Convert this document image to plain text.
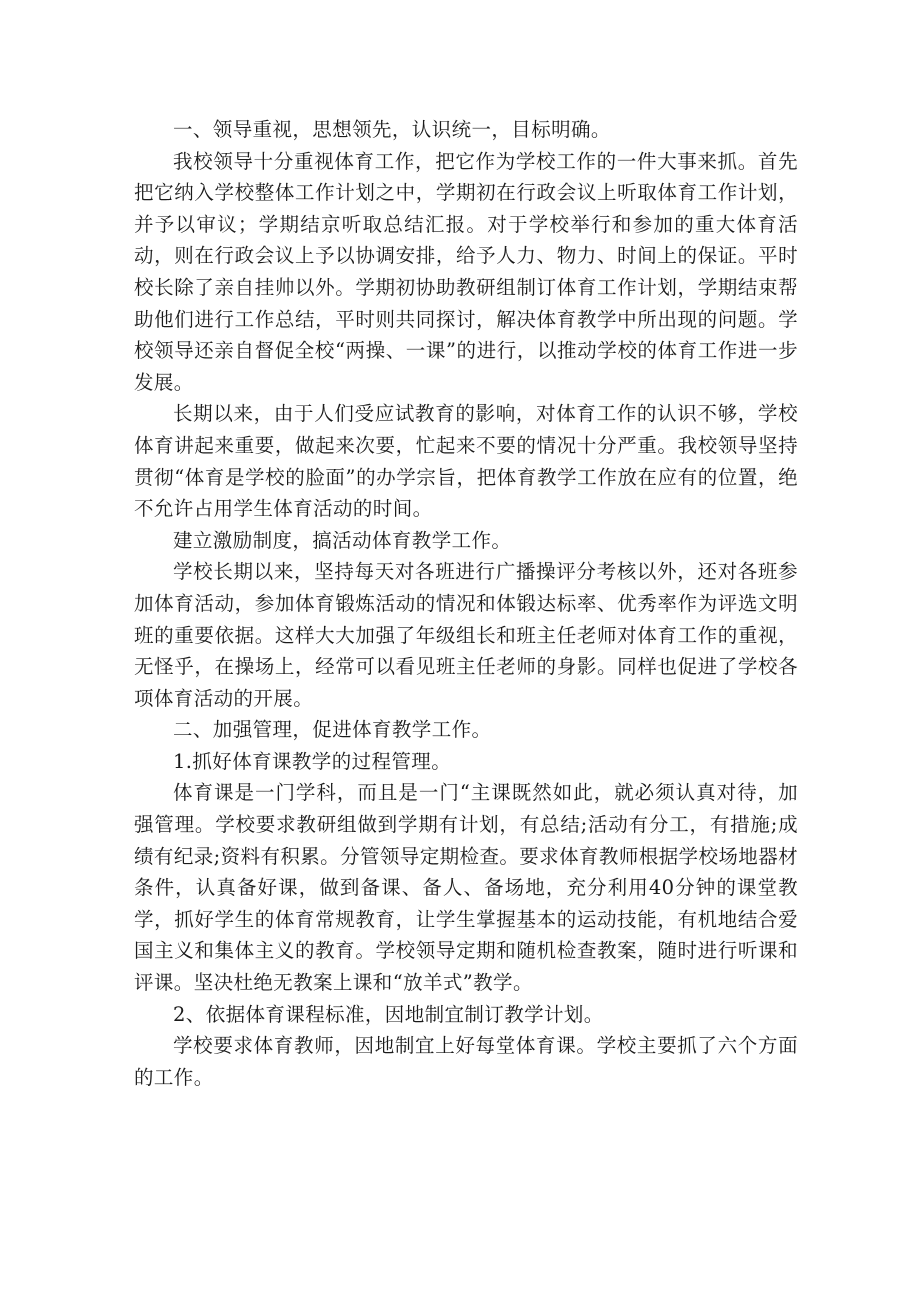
一、领导重视，思想领先，认识统一，目标明确。

我校领导十分重视体育工作，把它作为学校工作的一件大事来抓。首先把它纳入学校整体工作计划之中，学期初在行政会议上听取体育工作计划，并予以审议；学期结京听取总结汇报。对于学校举行和参加的重大体育活动，则在行政会议上予以协调安排，给予人力、物力、时间上的保证。平时校长除了亲自挂帅以外。学期初协助教研组制订体育工作计划，学期结束帮助他们进行工作总结，平时则共同探讨，解决体育教学中所出现的问题。学校领导还亲自督促全校“两操、一课”的进行，以推动学校的体育工作进一步发展。

长期以来，由于人们受应试教育的影响，对体育工作的认识不够，学校体育讲起来重要，做起来次要，忙起来不要的情况十分严重。我校领导坚持贯彻“体育是学校的脸面”的办学宗旨，把体育教学工作放在应有的位置，绝不允许占用学生体育活动的时间。

建立激励制度，搞活动体育教学工作。

学校长期以来，坚持每天对各班进行广播操评分考核以外，还对各班参加体育活动，参加体育锻炼活动的情况和体锻达标率、优秀率作为评选文明班的重要依据。这样大大加强了年级组长和班主任老师对体育工作的重视，无怪乎，在操场上，经常可以看见班主任老师的身影。同样也促进了学校各项体育活动的开展。

二、加强管理，促进体育教学工作。

1.抓好体育课教学的过程管理。

体育课是一门学科，而且是一门“主课既然如此，就必须认真对待，加强管理。学校要求教研组做到学期有计划，有总结;活动有分工，有措施;成绩有纪录;资料有积累。分管领导定期检查。要求体育教师根据学校场地器材条件，认真备好课，做到备课、备人、备场地，充分利用40分钟的课堂教学，抓好学生的体育常规教育，让学生掌握基本的运动技能，有机地结合爱国主义和集体主义的教育。学校领导定期和随机检查教案，随时进行听课和评课。坚决杜绝无教案上课和“放羊式”教学。

2、依据体育课程标准，因地制宜制订教学计划。

学校要求体育教师，因地制宜上好每堂体育课。学校主要抓了六个方面的工作。
